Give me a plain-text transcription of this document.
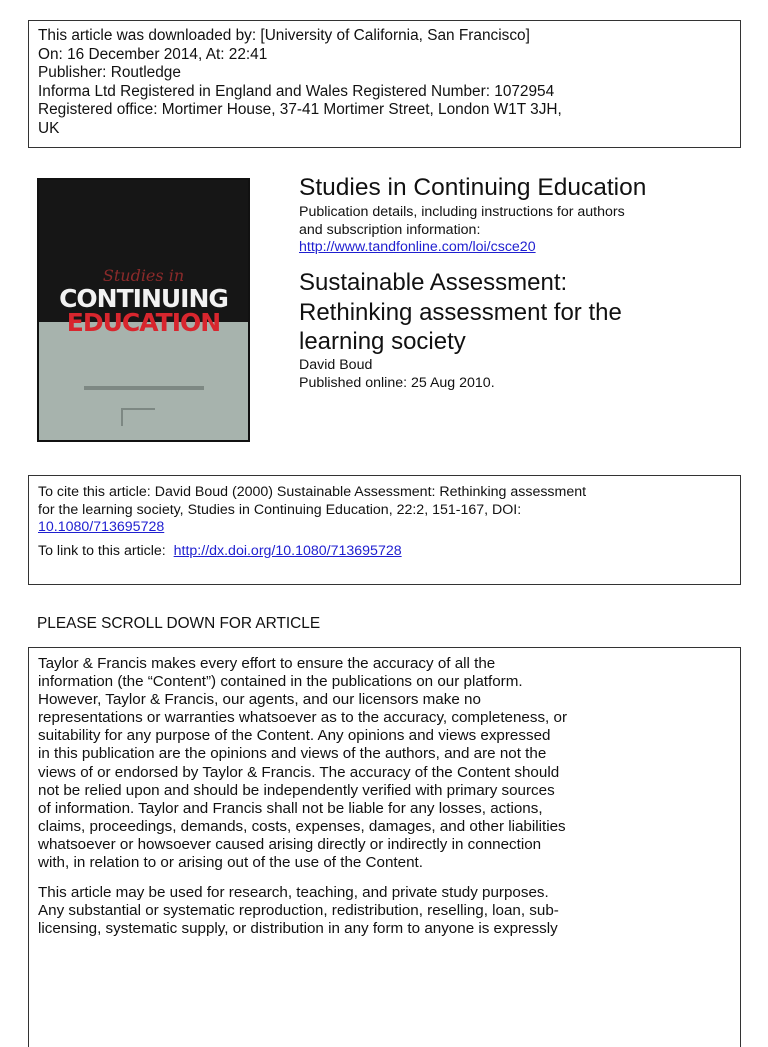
This article was downloaded by: [University of California, San Francisco]
On: 16 December 2014, At: 22:41
Publisher: Routledge
Informa Ltd Registered in England and Wales Registered Number: 1072954
Registered office: Mortimer House, 37-41 Mortimer Street, London W1T 3JH,
UK
Studies in
CONTINUING
EDUCATION
Studies in Continuing Education
Publication details, including instructions for authors
and subscription information:
http://www.tandfonline.com/loi/csce20
Sustainable Assessment:
Rethinking assessment for the
learning society
David Boud
Published online: 25 Aug 2010.
To cite this article: David Boud (2000) Sustainable Assessment: Rethinking assessment
for the learning society, Studies in Continuing Education, 22:2, 151-167, DOI:
10.1080/713695728
To link to this article: http://dx.doi.org/10.1080/713695728
PLEASE SCROLL DOWN FOR ARTICLE
Taylor & Francis makes every effort to ensure the accuracy of all the
information (the “Content”) contained in the publications on our platform.
However, Taylor & Francis, our agents, and our licensors make no
representations or warranties whatsoever as to the accuracy, completeness, or
suitability for any purpose of the Content. Any opinions and views expressed
in this publication are the opinions and views of the authors, and are not the
views of or endorsed by Taylor & Francis. The accuracy of the Content should
not be relied upon and should be independently verified with primary sources
of information. Taylor and Francis shall not be liable for any losses, actions,
claims, proceedings, demands, costs, expenses, damages, and other liabilities
whatsoever or howsoever caused arising directly or indirectly in connection
with, in relation to or arising out of the use of the Content.
This article may be used for research, teaching, and private study purposes.
Any substantial or systematic reproduction, redistribution, reselling, loan, sub-
licensing, systematic supply, or distribution in any form to anyone is expressly
